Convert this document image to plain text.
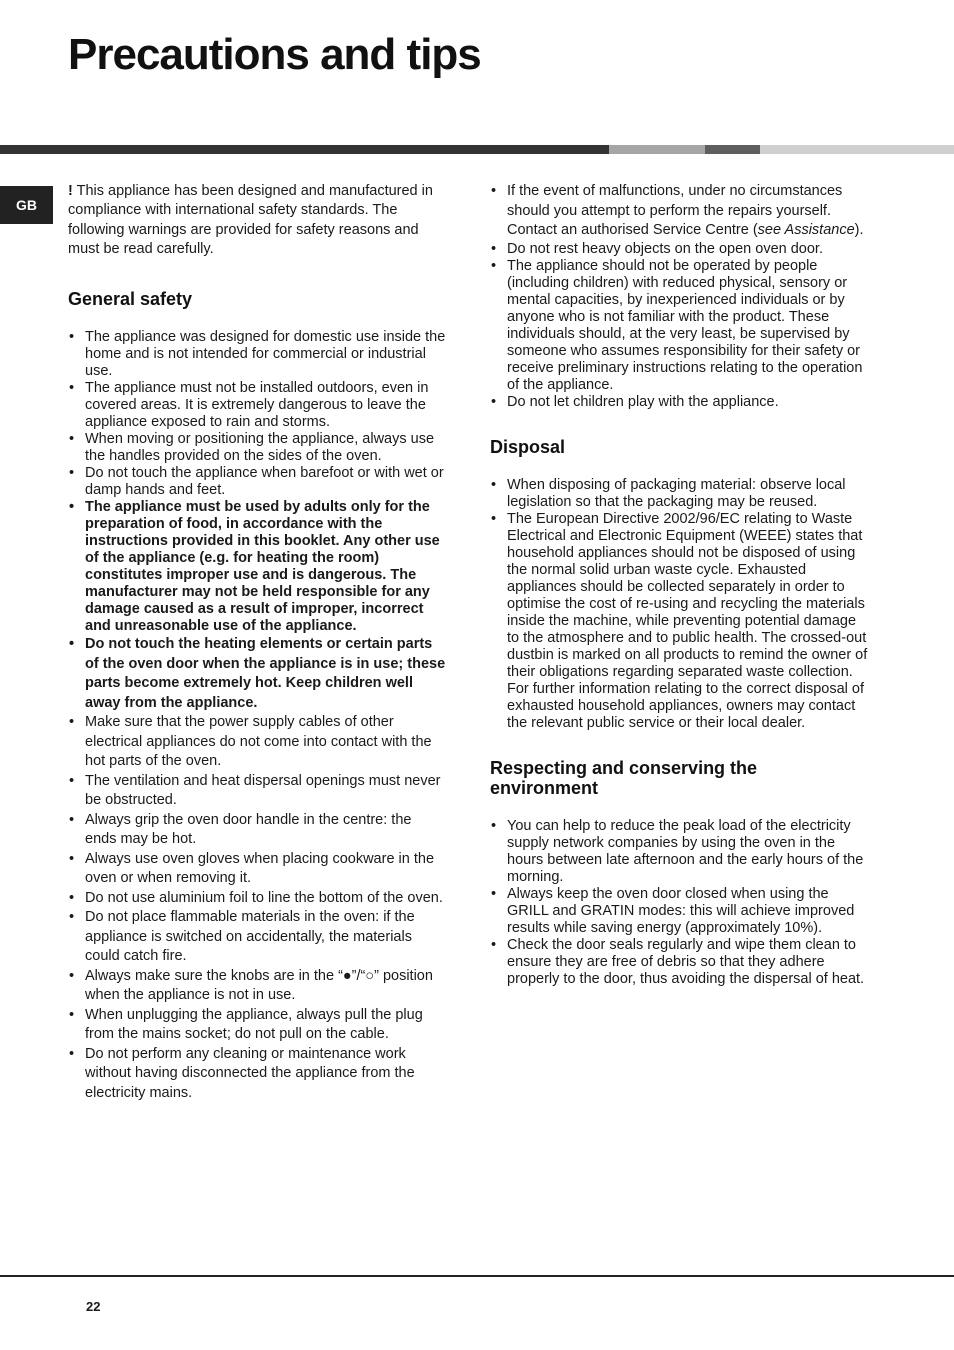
Precautions and tips
GB

! This appliance has been designed and manufactured in compliance with international safety standards. The following warnings are provided for safety reasons and must be read carefully.

General safety
• The appliance was designed for domestic use inside the home and is not intended for commercial or industrial use.
• The appliance must not be installed outdoors, even in covered areas. It is extremely dangerous to leave the appliance exposed to rain and storms.
• When moving or positioning the appliance, always use the handles provided on the sides of the oven.
• Do not touch the appliance when barefoot or with wet or damp hands and feet.
• The appliance must be used by adults only for the preparation of food, in accordance with the instructions provided in this booklet. Any other use of the appliance (e.g. for heating the room) constitutes improper use and is dangerous. The manufacturer may not be held responsible for any damage caused as a result of improper, incorrect and unreasonable use of the appliance.
• Do not touch the heating elements or certain parts of the oven door when the appliance is in use; these parts become extremely hot. Keep children well away from the appliance.
• Make sure that the power supply cables of other electrical appliances do not come into contact with the hot parts of the oven.
• The ventilation and heat dispersal openings must never be obstructed.
• Always grip the oven door handle in the centre: the ends may be hot.
• Always use oven gloves when placing cookware in the oven or when removing it.
• Do not use aluminium foil to line the bottom of the oven.
• Do not place flammable materials in the oven: if the appliance is switched on accidentally, the materials could catch fire.
• Always make sure the knobs are in the “●”/“○” position when the appliance is not in use.
• When unplugging the appliance, always pull the plug from the mains socket; do not pull on the cable.
• Do not perform any cleaning or maintenance work without having disconnected the appliance from the electricity mains.
• If the event of malfunctions, under no circumstances should you attempt to perform the repairs yourself. Contact an authorised Service Centre (see Assistance).
• Do not rest heavy objects on the open oven door.
• The appliance should not be operated by people (including children) with reduced physical, sensory or mental capacities, by inexperienced individuals or by anyone who is not familiar with the product. These individuals should, at the very least, be supervised by someone who assumes responsibility for their safety or receive preliminary instructions relating to the operation of the appliance.
• Do not let children play with the appliance.
Disposal
• When disposing of packaging material: observe local legislation so that the packaging may be reused.
• The European Directive 2002/96/EC relating to Waste Electrical and Electronic Equipment (WEEE) states that household appliances should not be disposed of using the normal solid urban waste cycle. Exhausted appliances should be collected separately in order to optimise the cost of re-using and recycling the materials inside the machine, while preventing potential damage to the atmosphere and to public health. The crossed-out dustbin is marked on all products to remind the owner of their obligations regarding separated waste collection.
For further information relating to the correct disposal of exhausted household appliances, owners may contact the relevant public service or their local dealer.
Respecting and conserving the environment
• You can help to reduce the peak load of the electricity supply network companies by using the oven in the hours between late afternoon and the early hours of the morning.
• Always keep the oven door closed when using the GRILL and GRATIN modes: this will achieve improved results while saving energy (approximately 10%).
• Check the door seals regularly and wipe them clean to ensure they are free of debris so that they adhere properly to the door, thus avoiding the dispersal of heat.
22
